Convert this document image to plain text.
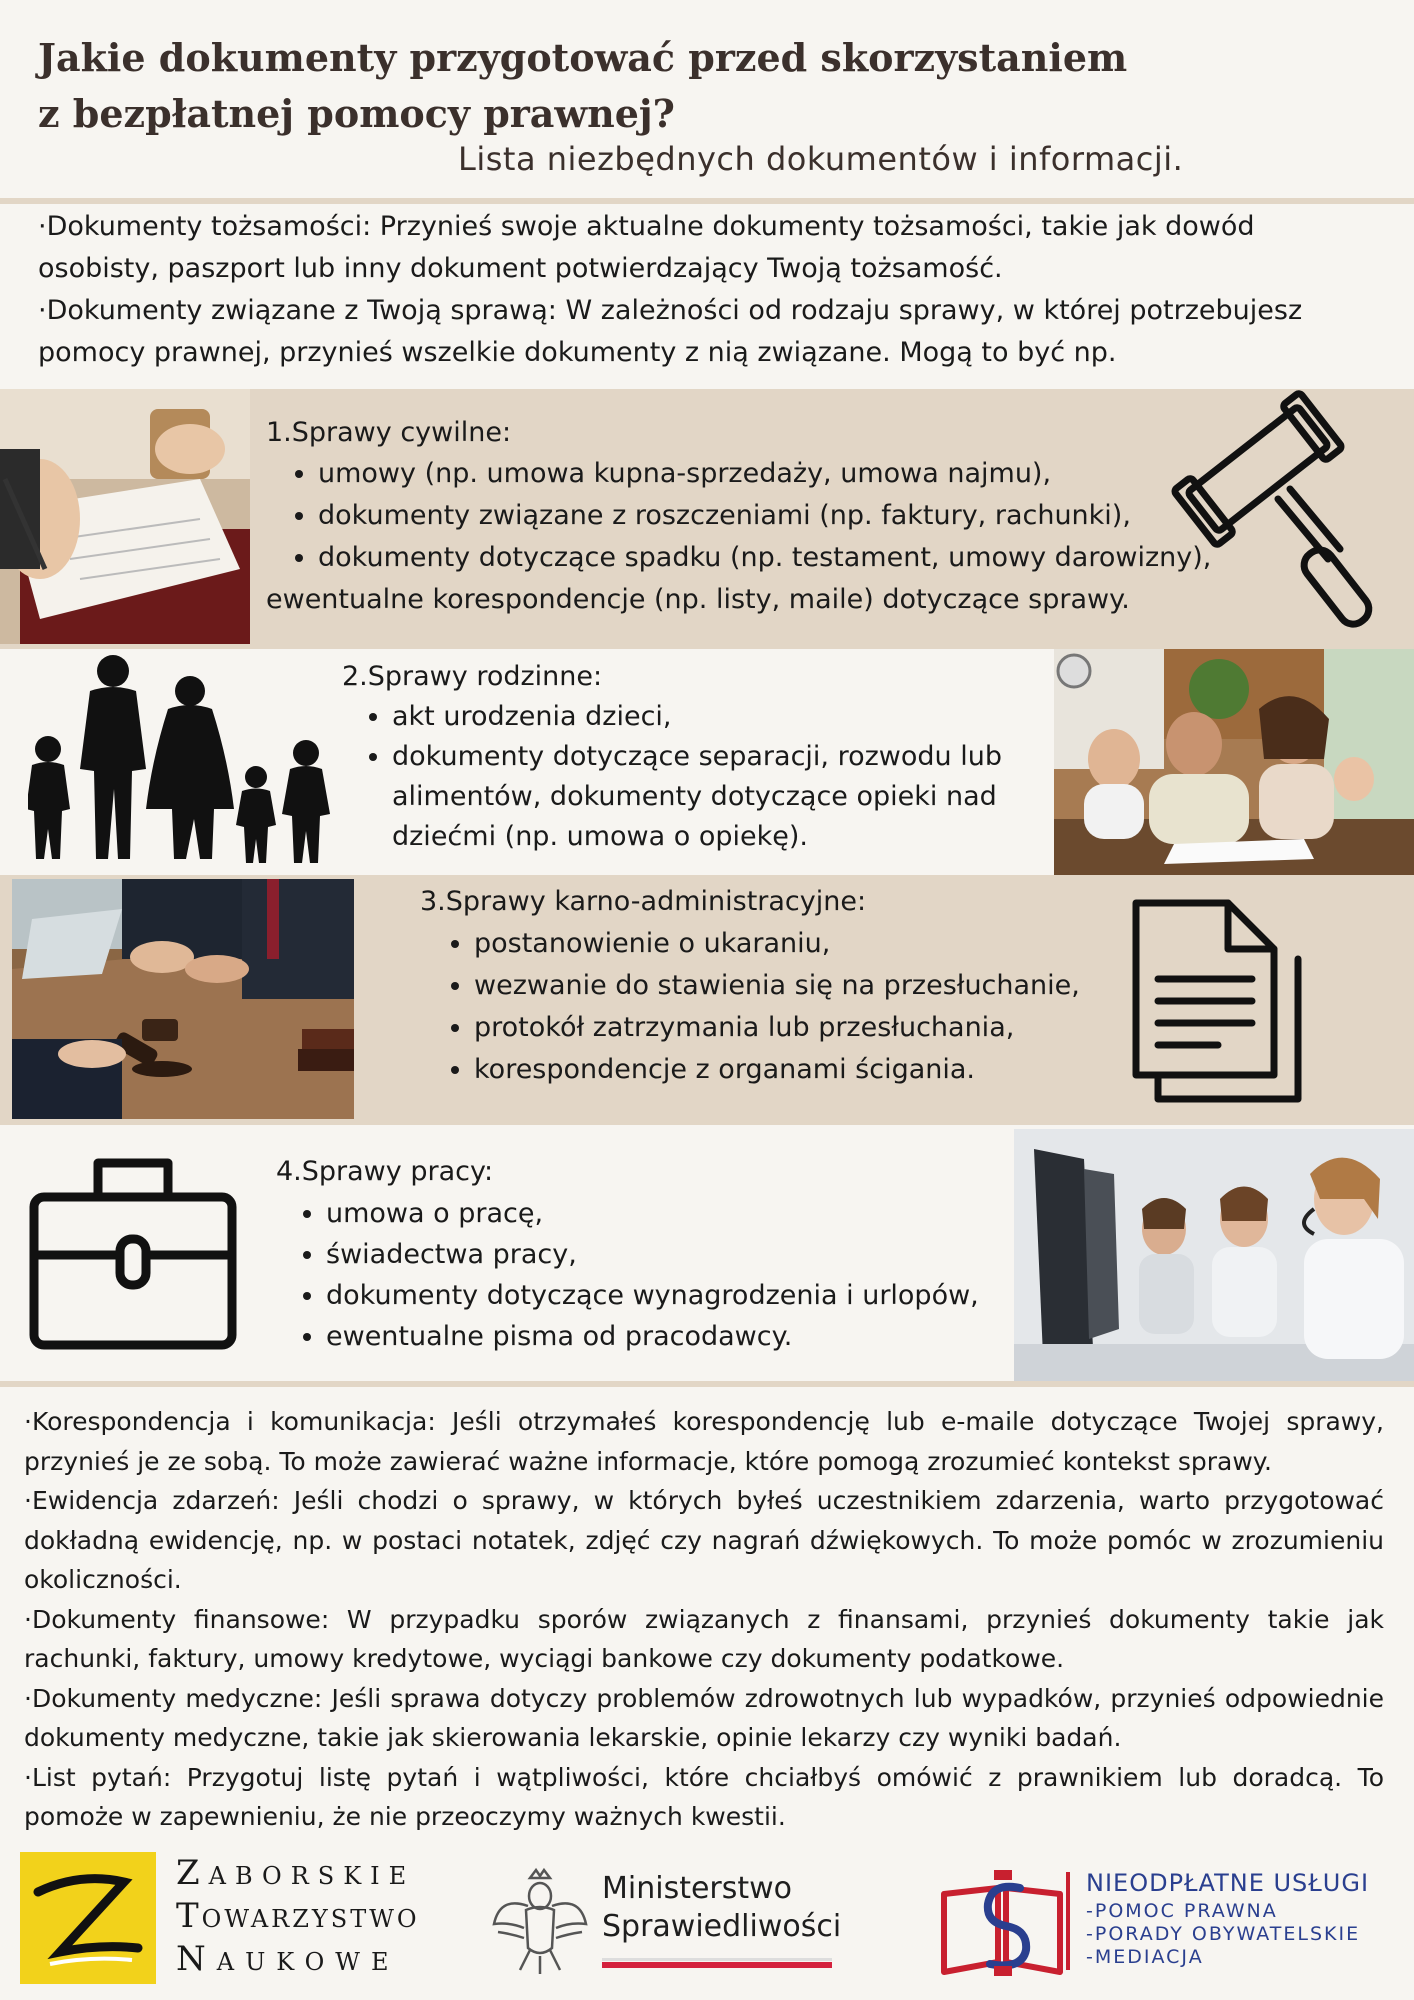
Jakie dokumenty przygotować przed skorzystaniem
z bezpłatnej pomocy prawnej?
Lista niezbędnych dokumentów i informacji.
·Dokumenty tożsamości: Przynieś swoje aktualne dokumenty tożsamości, takie jak dowód osobisty, paszport lub inny dokument potwierdzający Twoją tożsamość.
·Dokumenty związane z Twoją sprawą: W zależności od rodzaju sprawy, w której potrzebujesz pomocy prawnej, przynieś wszelkie dokumenty z nią związane. Mogą to być np.
1.Sprawy cywilne:
• umowy (np. umowa kupna-sprzedaży, umowa najmu),
• dokumenty związane z roszczeniami (np. faktury, rachunki),
• dokumenty dotyczące spadku (np. testament, umowy darowizny),
ewentualne korespondencje (np. listy, maile) dotyczące sprawy.
2.Sprawy rodzinne:
• akt urodzenia dzieci,
• dokumenty dotyczące separacji, rozwodu lub alimentów, dokumenty dotyczące opieki nad dziećmi (np. umowa o opiekę).
3.Sprawy karno-administracyjne:
• postanowienie o ukaraniu,
• wezwanie do stawienia się na przesłuchanie,
• protokół zatrzymania lub przesłuchania,
• korespondencje z organami ścigania.
4.Sprawy pracy:
• umowa o pracę,
• świadectwa pracy,
• dokumenty dotyczące wynagrodzenia i urlopów,
• ewentualne pisma od pracodawcy.

·Korespondencja i komunikacja: Jeśli otrzymałeś korespondencję lub e-maile dotyczące Twojej sprawy, przynieś je ze sobą. To może zawierać ważne informacje, które pomogą zrozumieć kontekst sprawy.

·Ewidencja zdarzeń: Jeśli chodzi o sprawy, w których byłeś uczestnikiem zdarzenia, warto przygotować dokładną ewidencję, np. w postaci notatek, zdjęć czy nagrań dźwiękowych. To może pomóc w zrozumieniu okoliczności.

·Dokumenty finansowe: W przypadku sporów związanych z finansami, przynieś dokumenty takie jak rachunki, faktury, umowy kredytowe, wyciągi bankowe czy dokumenty podatkowe.

·Dokumenty medyczne: Jeśli sprawa dotyczy problemów zdrowotnych lub wypadków, przynieś odpowiednie dokumenty medyczne, takie jak skierowania lekarskie, opinie lekarzy czy wyniki badań.

·List pytań: Przygotuj listę pytań i wątpliwości, które chciałbyś omówić z prawnikiem lub doradcą. To pomoże w zapewnieniu, że nie przeoczymy ważnych kwestii.

Zaborskie
Towarzystwo
Naukowe
Ministerstwo
Sprawiedliwości
NIEODPŁATNE USŁUGI
-POMOC PRAWNA
-PORADY OBYWATELSKIE
-MEDIACJA
